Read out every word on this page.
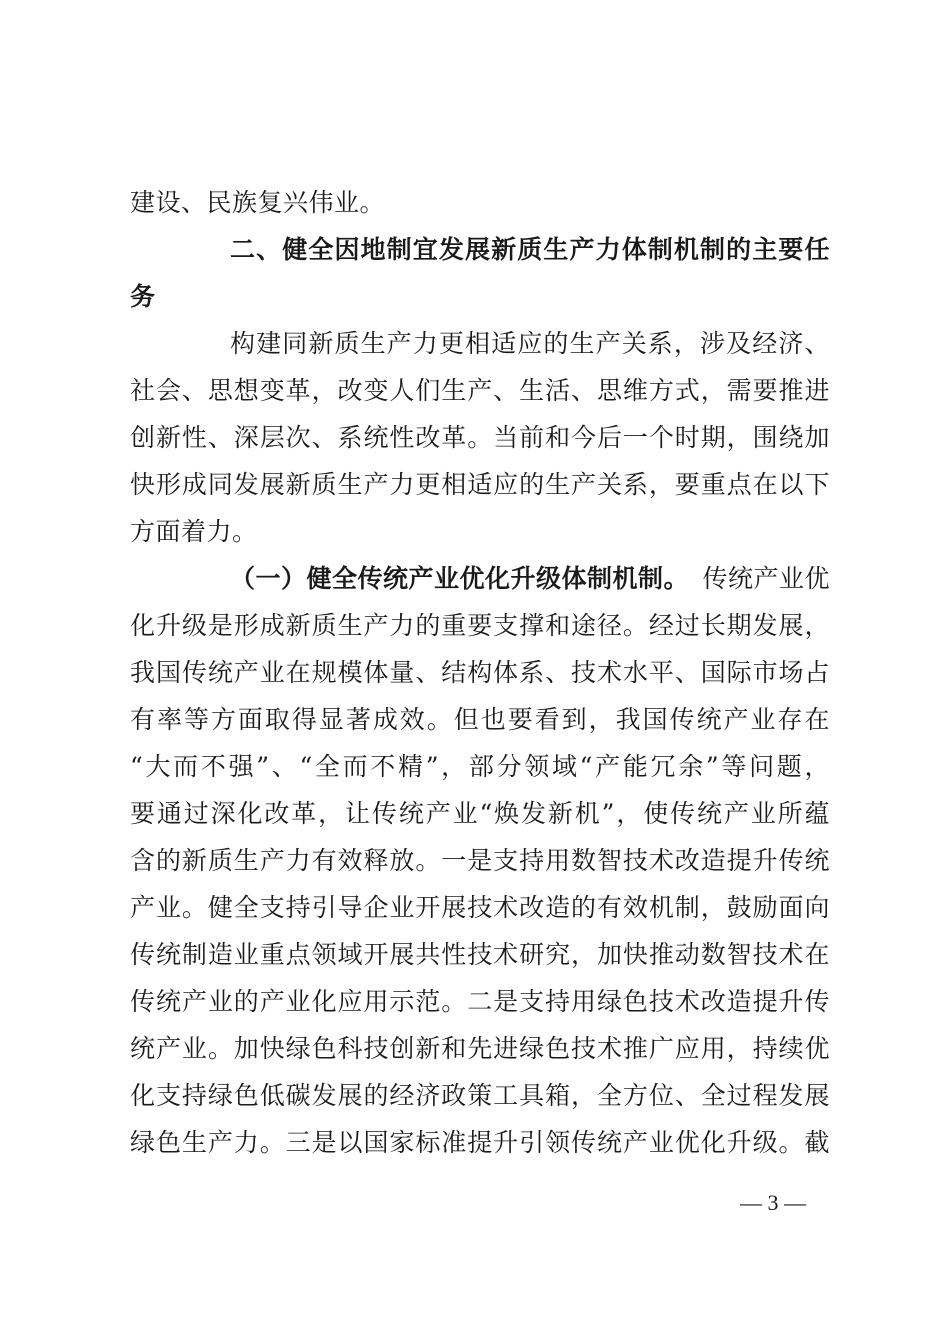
建设、民族复兴伟业。
二、健全因地制宜发展新质生产力体制机制的主要任
务
构建同新质生产力更相适应的生产关系，涉及经济、
社会、思想变革，改变人们生产、生活、思维方式，需要推进
创新性、深层次、系统性改革。当前和今后一个时期，围绕加
快形成同发展新质生产力更相适应的生产关系，要重点在以下
方面着力。
（一）健全传统产业优化升级体制机制。 传统产业优
化升级是形成新质生产力的重要支撑和途径。经过长期发展，
我国传统产业在规模体量、结构体系、技术水平、国际市场占
有率等方面取得显著成效。但也要看到，我国传统产业存在
“大而不强”、“全而不精”，部分领域“产能冗余”等问题，
要通过深化改革，让传统产业“焕发新机”，使传统产业所蕴
含的新质生产力有效释放。一是支持用数智技术改造提升传统
产业。健全支持引导企业开展技术改造的有效机制，鼓励面向
传统制造业重点领域开展共性技术研究，加快推动数智技术在
传统产业的产业化应用示范。二是支持用绿色技术改造提升传
统产业。加快绿色科技创新和先进绿色技术推广应用，持续优
化支持绿色低碳发展的经济政策工具箱，全方位、全过程发展
绿色生产力。三是以国家标准提升引领传统产业优化升级。截
— 3 —
